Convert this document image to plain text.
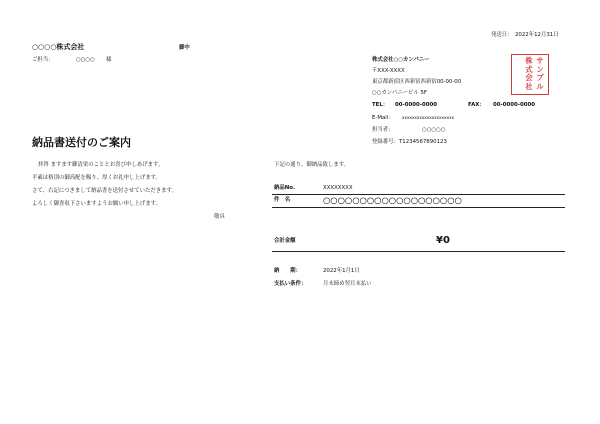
発送日： 2022年12月31日
○○○○株式会社	御中
ご担当：	○○○○ 様	株式会社○○カンパニー
〒XXX-XXXX
東京都新宿区西新宿西新宿00-00-00
○○カンパニービル 5F
TEL： 00-0000-0000	FAX： 00-0000-0000
E-Mail： xxxxxxxxxxxxxxxxxxxxx
担当者：	○○○○○
登録番号： T1234567890123
サンプル
株式会社
納品書送付のご案内
拝啓 ますます御清栄のこととお喜び申しあげます。
平素は格別の御高配を賜り、厚くお礼申し上げます。
さて、右記につきまして納品書を送付させていただきます。
よろしく御査収下さいますようお願い申し上げます。
敬具
下記の通り、御納品致します。
納品No.	XXXXXXXX
件　名	○○○○○○○○○○○○○○○○○○○
合計金額	¥0
納　　期：	2022年1月1日
支払い条件：	月末締め翌月末払い
